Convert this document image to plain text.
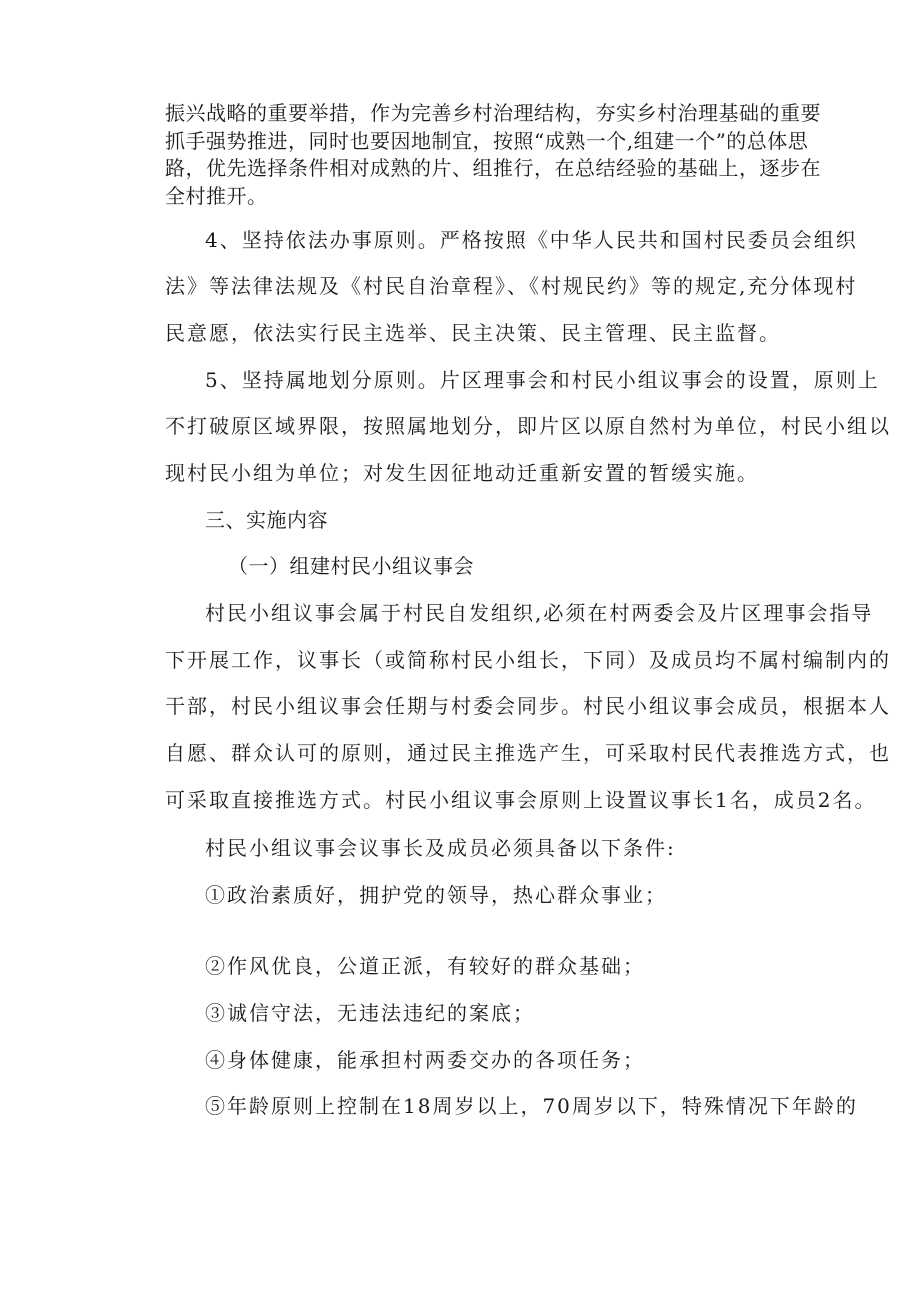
振兴战略的重要举措，作为完善乡村治理结构，夯实乡村治理基础的重要
抓手强势推进，同时也要因地制宜，按照“成熟一个,组建一个”的总体思
路，优先选择条件相对成熟的片、组推行，在总结经验的基础上，逐步在
全村推开。
4、坚持依法办事原则。严格按照《中华人民共和国村民委员会组织
法》等法律法规及《村民自治章程》、《村规民约》等的规定,充分体现村
民意愿，依法实行民主选举、民主决策、民主管理、民主监督。
5、坚持属地划分原则。片区理事会和村民小组议事会的设置，原则上
不打破原区域界限，按照属地划分，即片区以原自然村为单位，村民小组以
现村民小组为单位；对发生因征地动迁重新安置的暂缓实施。
三、实施内容
（一）组建村民小组议事会
村民小组议事会属于村民自发组织,必须在村两委会及片区理事会指导
下开展工作，议事长（或简称村民小组长，下同）及成员均不属村编制内的
干部，村民小组议事会任期与村委会同步。村民小组议事会成员，根据本人
自愿、群众认可的原则，通过民主推选产生，可采取村民代表推选方式，也
可采取直接推选方式。村民小组议事会原则上设置议事长1名，成员2名。
村民小组议事会议事长及成员必须具备以下条件:
①政治素质好，拥护党的领导，热心群众事业；
②作风优良，公道正派，有较好的群众基础；
③诚信守法，无违法违纪的案底；
④身体健康，能承担村两委交办的各项任务；
⑤年龄原则上控制在18周岁以上，70周岁以下，特殊情况下年龄的
